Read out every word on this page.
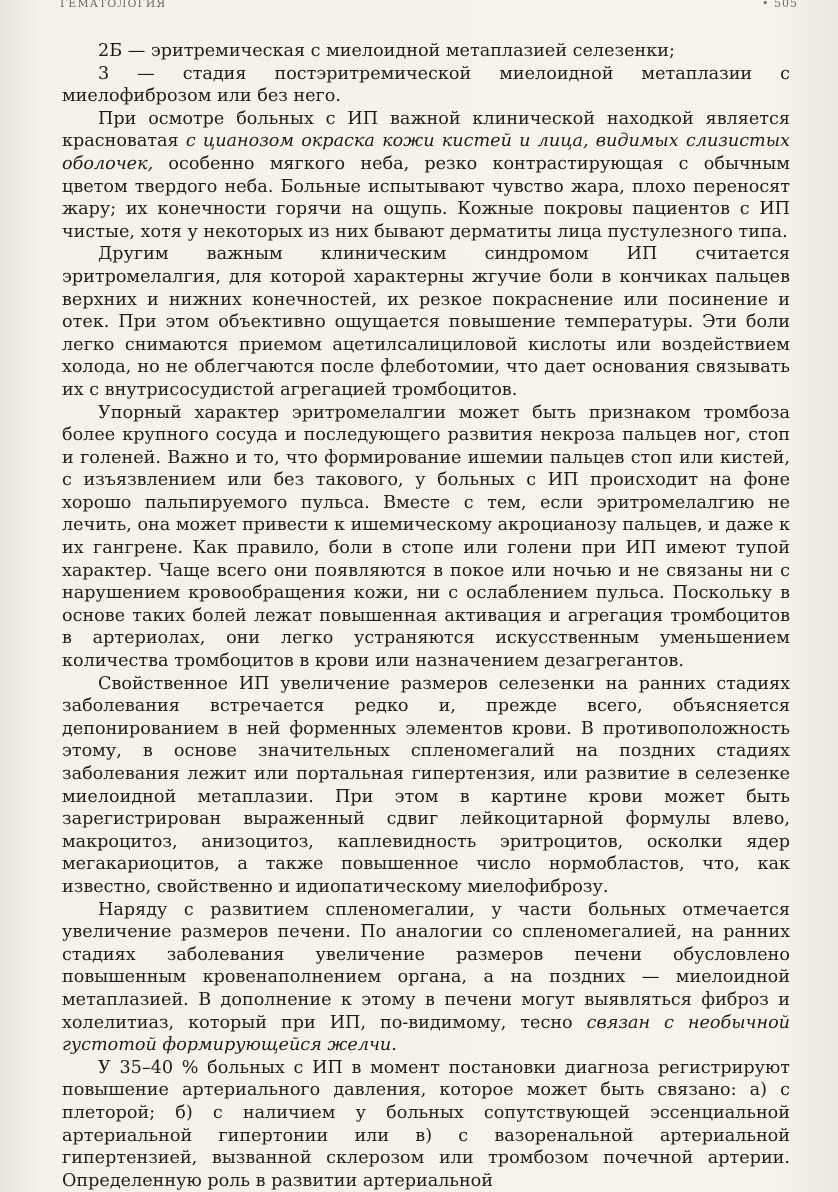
ГЕМАТОЛОГИЯ	• 505

2Б — эритремическая с миелоидной метаплазией селезенки;

3 — стадия постэритремической миелоидной метаплазии с миелофиброзом или без него.

При осмотре больных с ИП важной клинической находкой является красноватая с цианозом окраска кожи кистей и лица, видимых слизистых оболочек, особенно мягкого неба, резко контрастирующая с обычным цветом твердого неба. Больные испытывают чувство жара, плохо переносят жару; их конечности горячи на ощупь. Кожные покровы пациентов с ИП чистые, хотя у некоторых из них бывают дерматиты лица пустулезного типа.

Другим важным клиническим синдромом ИП считается эритромелалгия, для которой характерны жгучие боли в кончиках пальцев верхних и нижних конечностей, их резкое покраснение или посинение и отек. При этом объективно ощущается повышение температуры. Эти боли легко снимаются приемом ацетилсалициловой кислоты или воздействием холода, но не облегчаются после флеботомии, что дает основания связывать их с внутрисосудистой агрегацией тромбоцитов.

Упорный характер эритромелалгии может быть признаком тромбоза более крупного сосуда и последующего развития некроза пальцев ног, стоп и голеней. Важно и то, что формирование ишемии пальцев стоп или кистей, с изъязвлением или без такового, у больных с ИП происходит на фоне хорошо пальпируемого пульса. Вместе с тем, если эритромелалгию не лечить, она может привести к ишемическому акроцианозу пальцев, и даже к их гангрене. Как правило, боли в стопе или голени при ИП имеют тупой характер. Чаще всего они появляются в покое или ночью и не связаны ни с нарушением кровообращения кожи, ни с ослаблением пульса. Поскольку в основе таких болей лежат повышенная активация и агрегация тромбоцитов в артериолах, они легко устраняются искусственным уменьшением количества тромбоцитов в крови или назначением дезагрегантов.

Свойственное ИП увеличение размеров селезенки на ранних стадиях заболевания встречается редко и, прежде всего, объясняется депонированием в ней форменных элементов крови. В противоположность этому, в основе значительных спленомегалий на поздних стадиях заболевания лежит или портальная гипертензия, или развитие в селезенке миелоидной метаплазии. При этом в картине крови может быть зарегистрирован выраженный сдвиг лейкоцитарной формулы влево, макроцитоз, анизоцитоз, каплевидность эритроцитов, осколки ядер мегакариоцитов, а также повышенное число нормобластов, что, как известно, свойственно и идиопатическому миелофиброзу.

Наряду с развитием спленомегалии, у части больных отмечается увеличение размеров печени. По аналогии со спленомегалией, на ранних стадиях заболевания увеличение размеров печени обусловлено повышенным кровенаполнением органа, а на поздних — миелоидной метаплазией. В дополнение к этому в печени могут выявляться фиброз и холелитиаз, который при ИП, по-видимому, тесно связан с необычной густотой формирующейся желчи.

У 35–40 % больных с ИП в момент постановки диагноза регистрируют повышение артериального давления, которое может быть связано: а) с плеторой; б) с наличием у больных сопутствующей эссенциальной артериальной гипертонии или в) с вазоренальной артериальной гипертензией, вызванной склерозом или тромбозом почечной артерии. Определенную роль в развитии артериальной
